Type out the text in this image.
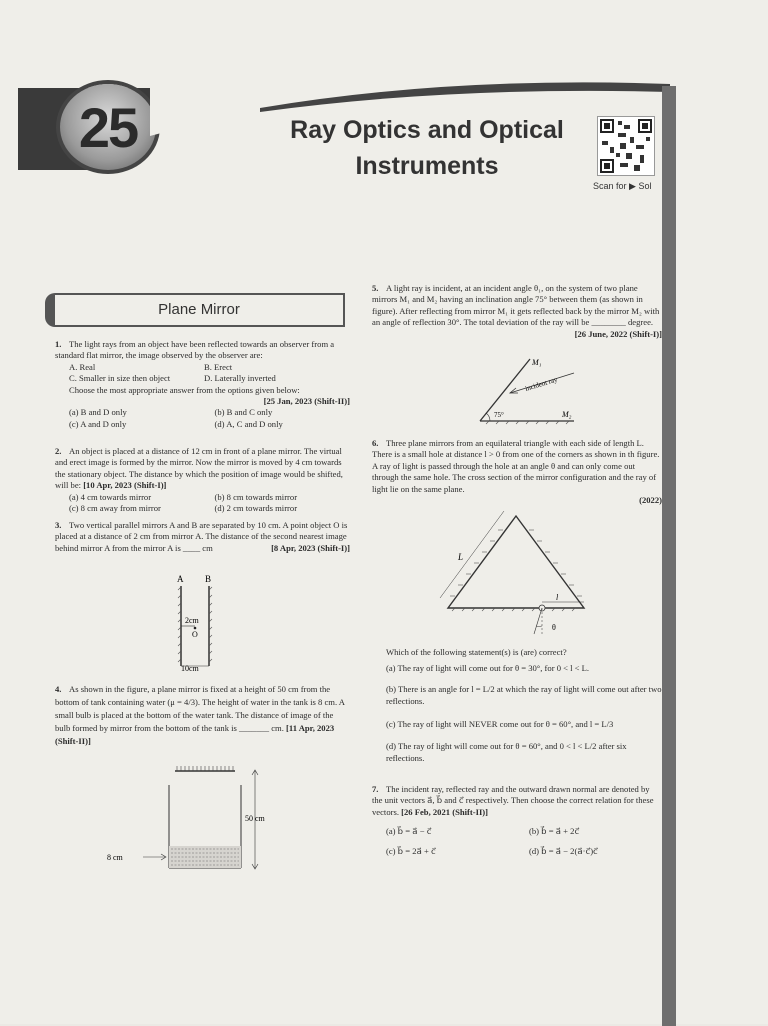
25	Ray Optics and Optical
Instruments
Scan for ▶ Sol
Plane Mirror
1. The light rays from an object have been reflected towards an observer from a standard flat mirror, the image observed by the observer are:
A. Real	B. Erect
C. Smaller in size then object	D. Laterally inverted
Choose the most appropriate answer from the options given below:
[25 Jan, 2023 (Shift-II)]
(a) B and D only	(b) B and C only
(c) A and D only	(d) A, C and D only
2. An object is placed at a distance of 12 cm in front of a plane mirror. The virtual and erect image is formed by the mirror. Now the mirror is moved by 4 cm towards the stationary object. The distance by which the position of image would be shifted, will be: [10 Apr, 2023 (Shift-I)]
(a) 4 cm towards mirror	(b) 8 cm towards mirror
(c) 8 cm away from mirror	(d) 2 cm towards mirror
3. Two vertical parallel mirrors A and B are separated by 10 cm. A point object O is placed at a distance of 2 cm from mirror A. The distance of the second nearest image behind mirror A from the mirror A is ____ cm	[8 Apr, 2023 (Shift-I)]
A B
2cm
O
10cm
4. As shown in the figure, a plane mirror is fixed at a height of 50 cm from the bottom of tank containing water (μ = 4/3). The height of water in the tank is 8 cm. A small bulb is placed at the bottom of the water tank. The distance of image of the bulb formed by mirror from the bottom of the tank is _______ cm. [11 Apr, 2023 (Shift-II)]
50 cm
8 cm
5. A light ray is incident, at an incident angle θ₁, on the system of two plane mirrors M₁ and M₂ having an inclination angle 75° between them (as shown in figure). After reflecting from mirror M₁ it gets reflected back by the mirror M₂ with an angle of reflection 30°. The total deviation of the ray will be ________ degree.
[26 June, 2022 (Shift-I)]
M₁
M₂
incident ray
75°
6. Three plane mirrors from an equilateral triangle with each side of length L. There is a small hole at distance l > 0 from one of the corners as shown in th figure. A ray of light is passed through the hole at an angle θ and can only come out through the same hole. The cross section of the mirror configuration and the ray of light lie on the same plane.
(2022)
L
l
θ
Which of the following statement(s) is (are) correct?
(a) The ray of light will come out for θ = 30°, for 0 < l < L.
(b) There is an angle for l = L/2 at which the ray of light will come out after two reflections.
(c) The ray of light will NEVER come out for θ = 60°, and l = L/3
(d) The ray of light will come out for θ = 60°, and 0 < l < L/2 after six reflections.
7. The incident ray, reflected ray and the outward drawn normal are denoted by the unit vectors a⃗, b⃗ and c⃗ respectively. Then choose the correct relation for these vectors. [26 Feb, 2021 (Shift-II)]
(a) b⃗ = a⃗ − c⃗	(b) b⃗ = a⃗ + 2c⃗
(c) b⃗ = 2a⃗ + c⃗	(d) b⃗ = a⃗ − 2(a⃗·c⃗)c⃗
